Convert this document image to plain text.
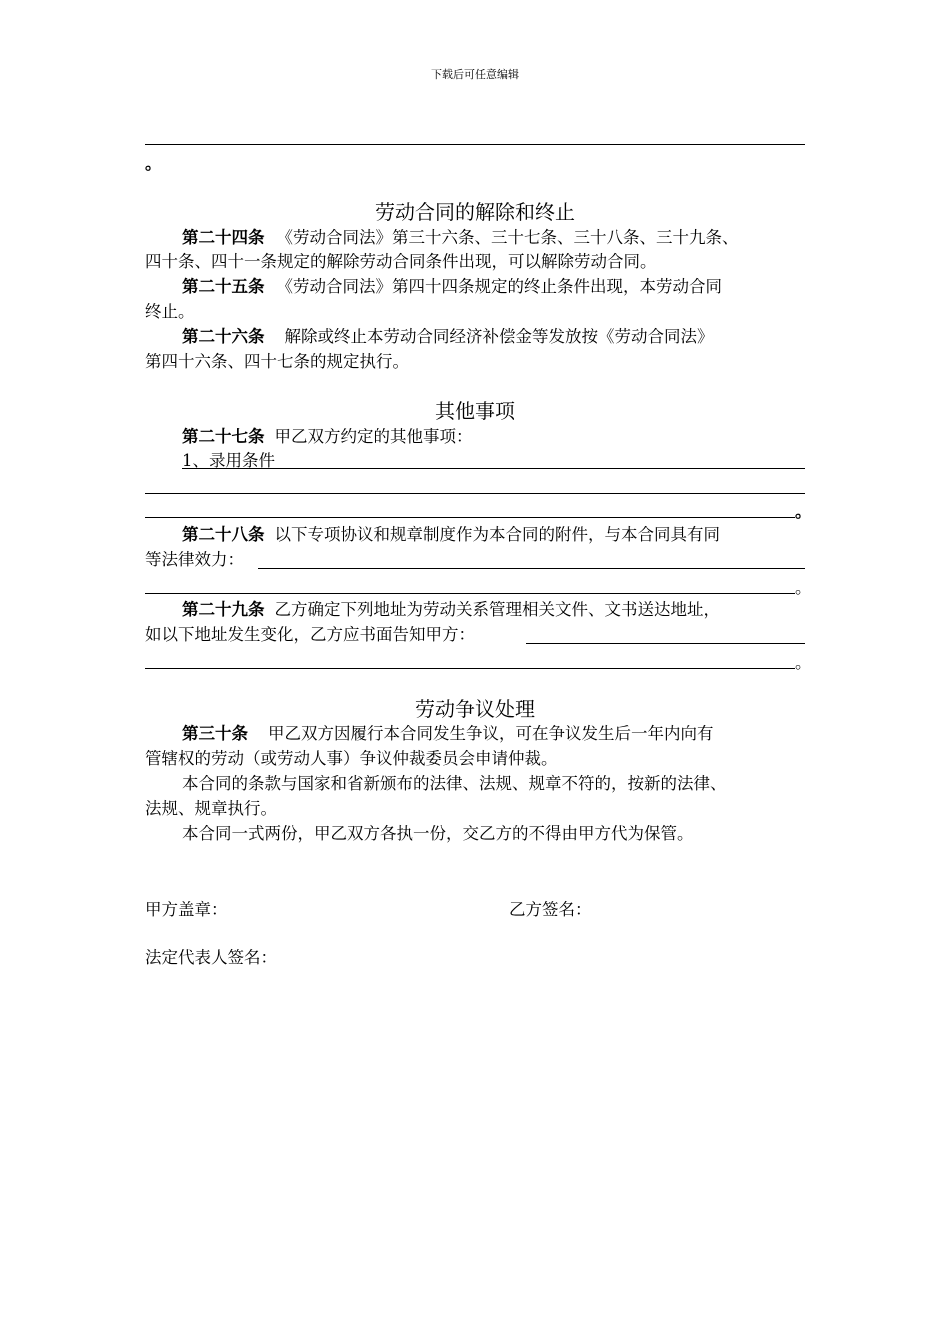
下载后可任意编辑
。
劳动合同的解除和终止
第二十四条 《劳动合同法》第三十六条、三十七条、三十八条、三十九条、
四十条、四十一条规定的解除劳动合同条件出现，可以解除劳动合同。
第二十五条 《劳动合同法》第四十四条规定的终止条件出现，本劳动合同
终止。
第二十六条 解除或终止本劳动合同经济补偿金等发放按《劳动合同法》
第四十六条、四十七条的规定执行。
其他事项
第二十七条 甲乙双方约定的其他事项：
1、录用条件
。
第二十八条 以下专项协议和规章制度作为本合同的附件，与本合同具有同
等法律效力：
。
第二十九条 乙方确定下列地址为劳动关系管理相关文件、文书送达地址，
如以下地址发生变化，乙方应书面告知甲方：
。
劳动争议处理
第三十条 甲乙双方因履行本合同发生争议，可在争议发生后一年内向有
管辖权的劳动（或劳动人事）争议仲裁委员会申请仲裁。
本合同的条款与国家和省新颁布的法律、法规、规章不符的，按新的法律、
法规、规章执行。
本合同一式两份，甲乙双方各执一份，交乙方的不得由甲方代为保管。
甲方盖章：	乙方签名：
法定代表人签名：
